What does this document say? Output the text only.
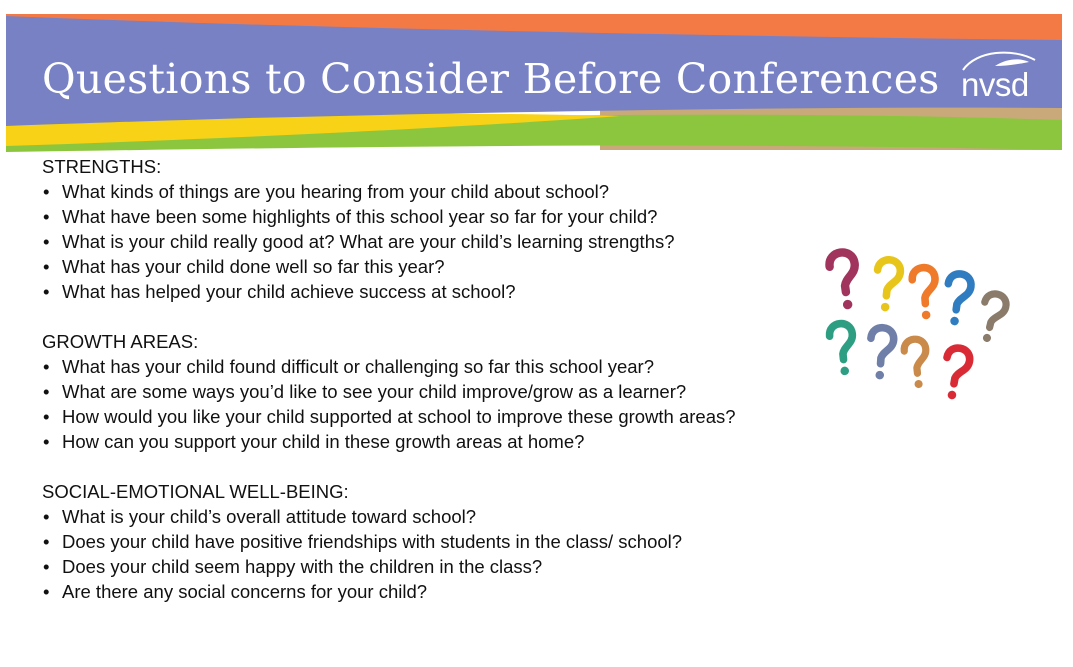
Questions to Consider Before Conferences nvsd

STRENGTHS:

• What kinds of things are you hearing from your child about school?
• What have been some highlights of this school year so far for your child?
• What is your child really good at? What are your child’s learning strengths?
• What has your child done well so far this year?
• What has helped your child achieve success at school?

GROWTH AREAS:

• What has your child found difficult or challenging so far this school year?
• What are some ways you’d like to see your child improve/grow as a learner?
• How would you like your child supported at school to improve these growth areas?
• How can you support your child in these growth areas at home?

SOCIAL-EMOTIONAL WELL-BEING:

• What is your child’s overall attitude toward school?
• Does your child have positive friendships with students in the class/ school?
• Does your child seem happy with the children in the class?
• Are there any social concerns for your child?
